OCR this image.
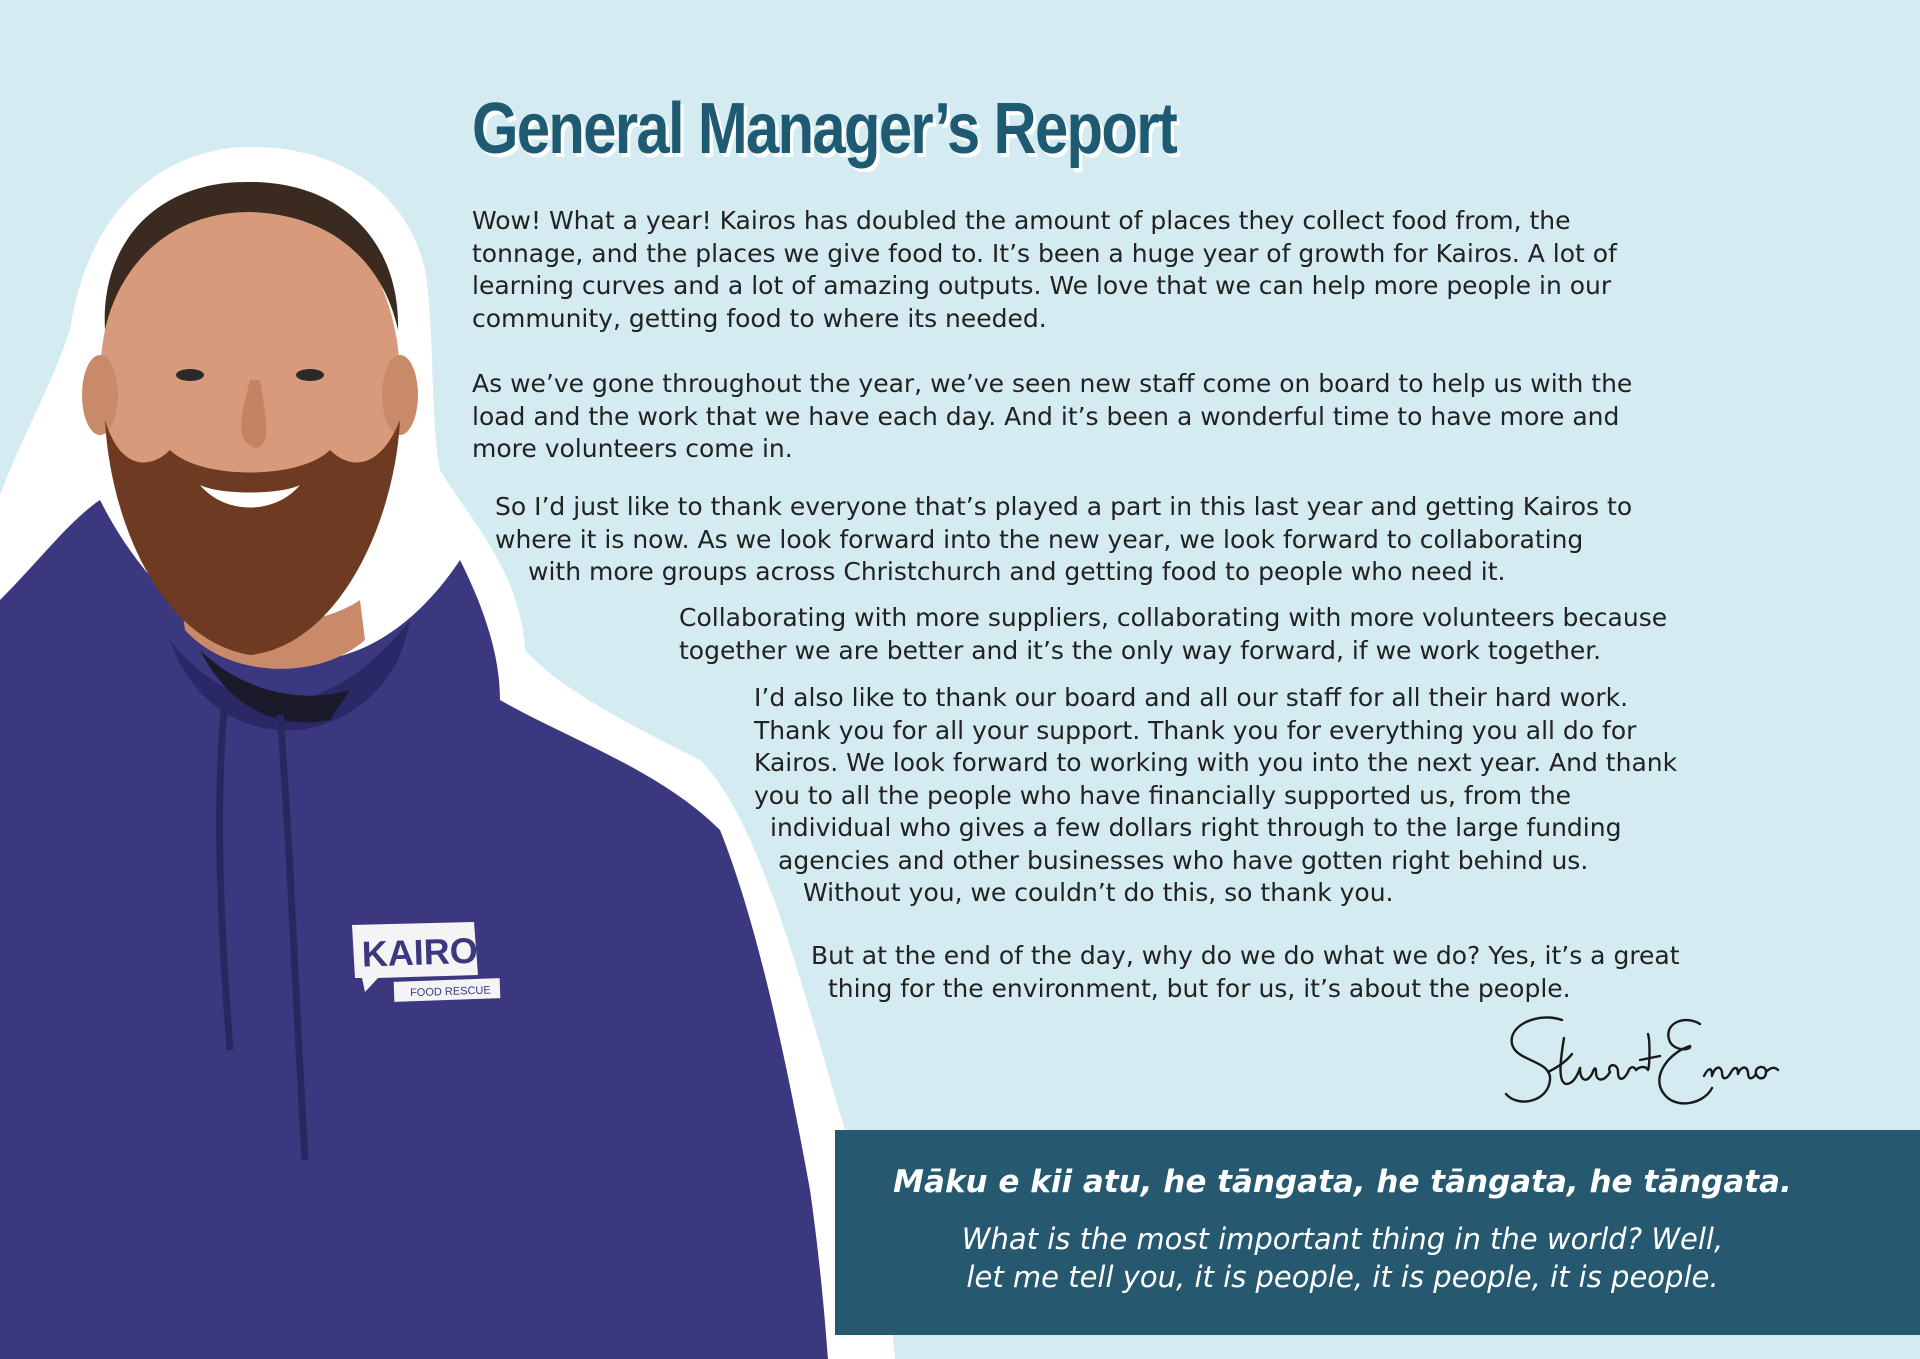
KAIROS
FOOD RESCUE
General Manager’s Report
Wow! What a year! Kairos has doubled the amount of places they collect food from, the
tonnage, and the places we give food to. It’s been a huge year of growth for Kairos. A lot of
learning curves and a lot of amazing outputs. We love that we can help more people in our
community, getting food to where its needed.
As we’ve gone throughout the year, we’ve seen new staff come on board to help us with the
load and the work that we have each day. And it’s been a wonderful time to have more and
more volunteers come in.
So I’d just like to thank everyone that’s played a part in this last year and getting Kairos to
where it is now. As we look forward into the new year, we look forward to collaborating
with more groups across Christchurch and getting food to people who need it.
Collaborating with more suppliers, collaborating with more volunteers because
together we are better and it’s the only way forward, if we work together.
I’d also like to thank our board and all our staff for all their hard work.
Thank you for all your support. Thank you for everything you all do for
Kairos. We look forward to working with you into the next year. And thank
you to all the people who have financially supported us, from the
individual who gives a few dollars right through to the large funding
agencies and other businesses who have gotten right behind us.
Without you, we couldn’t do this, so thank you.
But at the end of the day, why do we do what we do? Yes, it’s a great
thing for the environment, but for us, it’s about the people.

Māku e kii atu, he tāngata, he tāngata, he tāngata.

What is the most important thing in the world? Well,
let me tell you, it is people, it is people, it is people.
